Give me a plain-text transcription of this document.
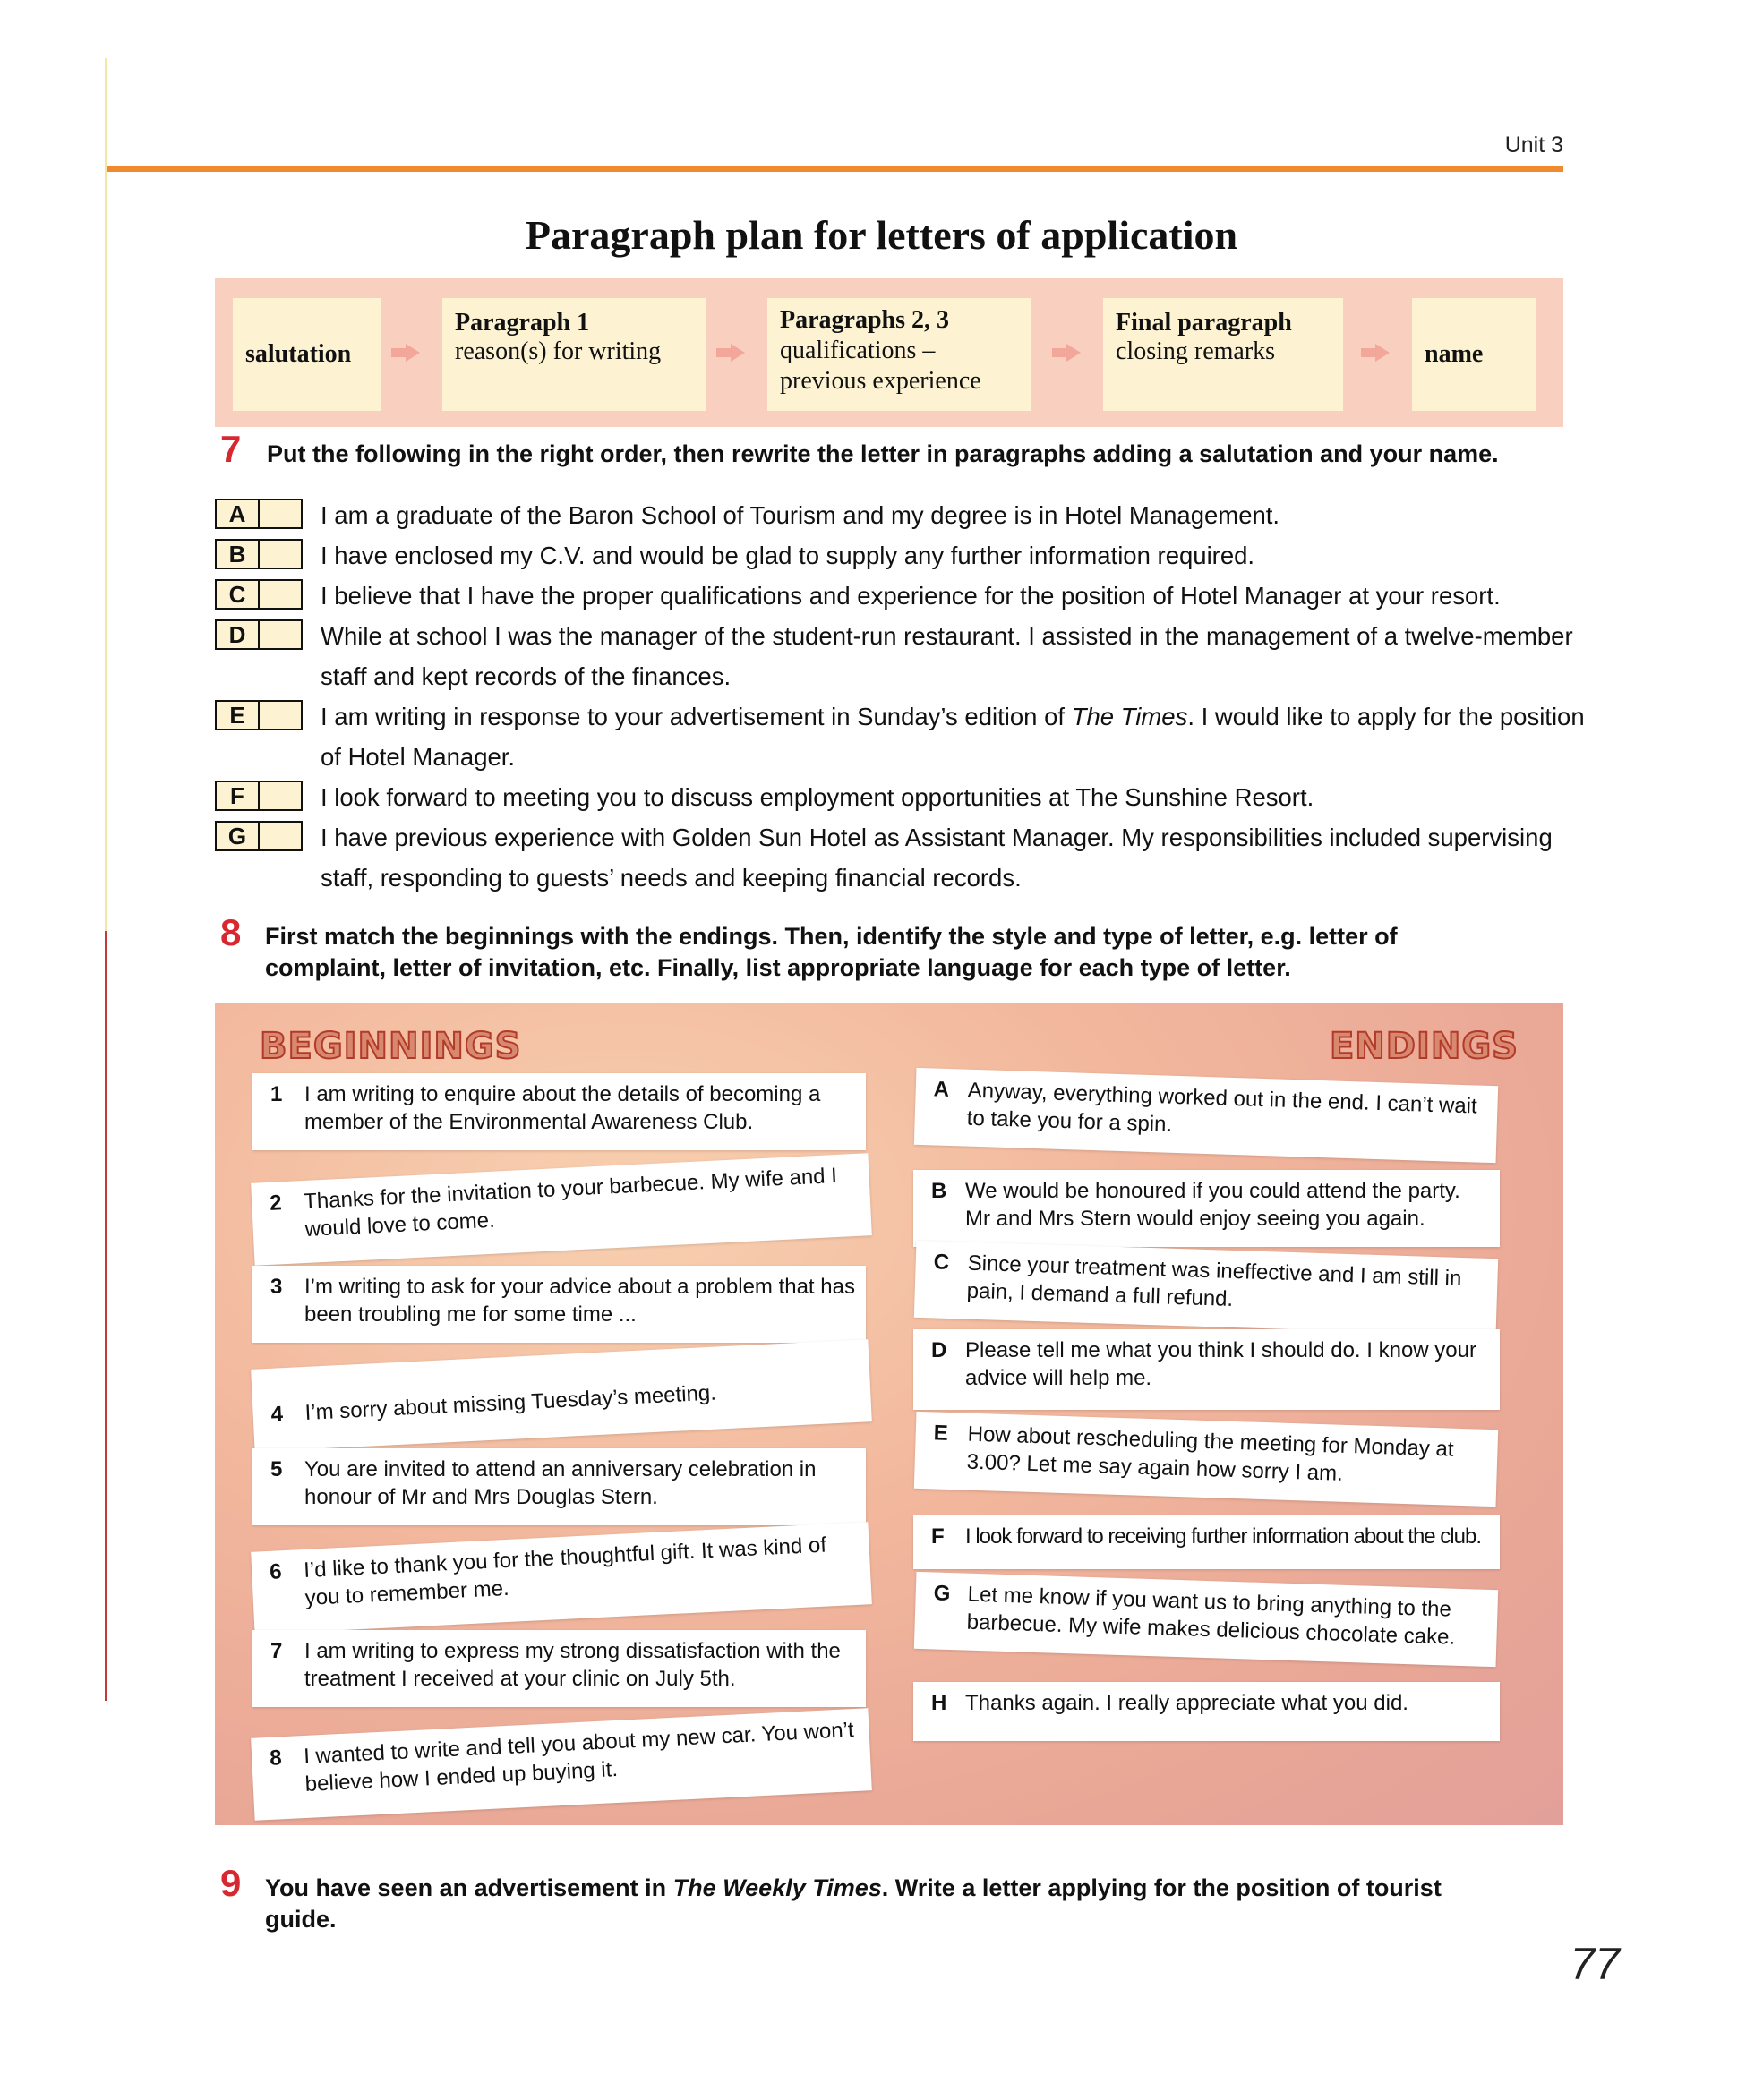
Unit 3
Paragraph plan for letters of application
salutation
Paragraph 1
reason(s) for writing
Paragraphs 2, 3
qualifications –
previous experience
Final paragraph
closing remarks	name
7 Put the following in the right order, then rewrite the letter in paragraphs adding a salutation and your name.
A	I am a graduate of the Baron School of Tourism and my degree is in Hotel Management.
B	I have enclosed my C.V. and would be glad to supply any further information required.
C	I believe that I have the proper qualifications and experience for the position of Hotel Manager at your resort.
D	While at school I was the manager of the student-run restaurant. I assisted in the management of a twelve-member staff and kept records of the finances.
E	I am writing in response to your advertisement in Sunday’s edition of The Times. I would like to apply for the position of Hotel Manager.
F	I look forward to meeting you to discuss employment opportunities at The Sunshine Resort.
G	I have previous experience with Golden Sun Hotel as Assistant Manager. My responsibilities included supervising staff, responding to guests’ needs and keeping financial records.
8 First match the beginnings with the endings. Then, identify the style and type of letter, e.g. letter of complaint, letter of invitation, etc. Finally, list appropriate language for each type of letter.
BEGINNINGS	ENDINGS
1 I am writing to enquire about the details of becoming a member of the Environmental Awareness Club.
2 Thanks for the invitation to your barbecue. My wife and I would love to come.
3 I’m writing to ask for your advice about a problem that has been troubling me for some time ...
4 I’m sorry about missing Tuesday’s meeting.
5 You are invited to attend an anniversary celebration in honour of Mr and Mrs Douglas Stern.
6 I’d like to thank you for the thoughtful gift. It was kind of you to remember me.
7 I am writing to express my strong dissatisfaction with the treatment I received at your clinic on July 5th.
8 I wanted to write and tell you about my new car. You won’t believe how I ended up buying it.
A Anyway, everything worked out in the end. I can’t wait to take you for a spin.
B We would be honoured if you could attend the party. Mr and Mrs Stern would enjoy seeing you again.
C Since your treatment was ineffective and I am still in pain, I demand a full refund.
D Please tell me what you think I should do. I know your advice will help me.
E How about rescheduling the meeting for Monday at 3.00? Let me say again how sorry I am.
F I look forward to receiving further information about the club.
G Let me know if you want us to bring anything to the barbecue. My wife makes delicious chocolate cake.
H Thanks again. I really appreciate what you did.
9 You have seen an advertisement in The Weekly Times. Write a letter applying for the position of tourist guide.
77
